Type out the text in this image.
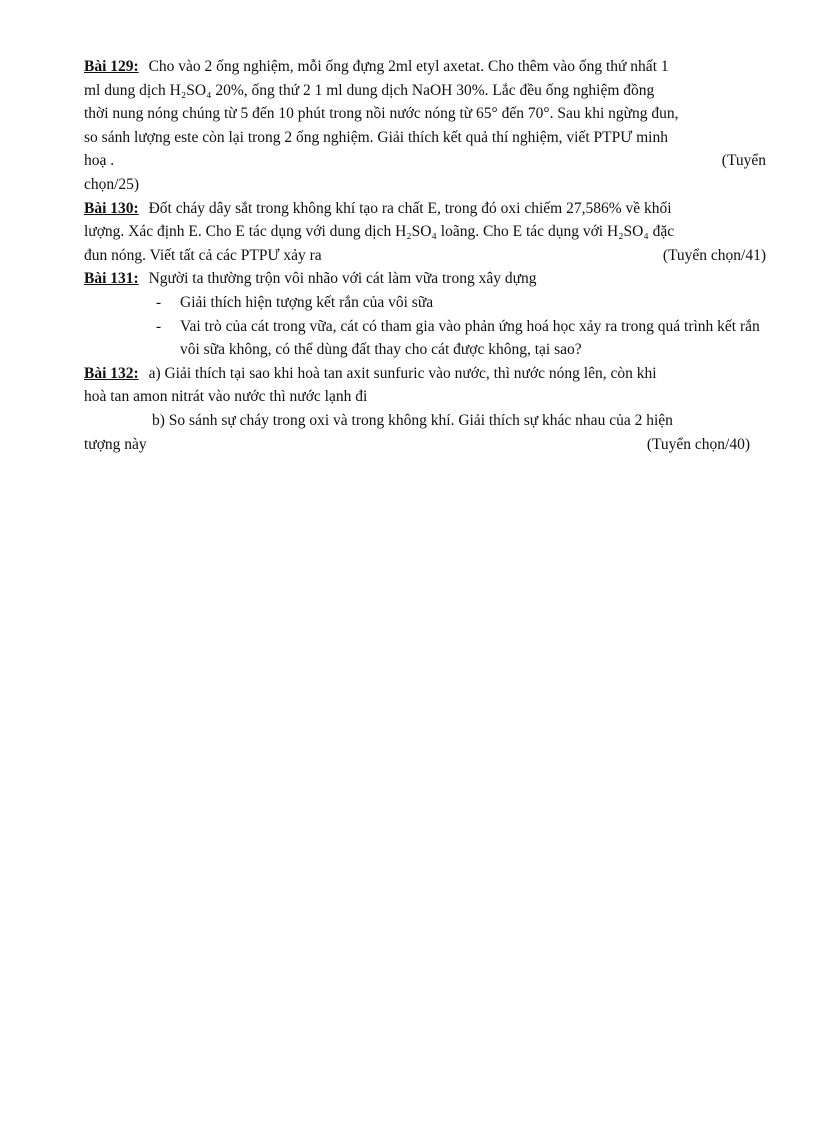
Bài 129: Cho vào 2 ống nghiệm, mỗi ống đựng 2ml etyl axetat. Cho thêm vào ống thứ nhất 1
ml dung dịch H₂SO₄ 20%, ống thứ 2 1 ml dung dịch NaOH 30%. Lắc đều ống nghiệm đồng
thời nung nóng chúng từ 5 đến 10 phút trong nồi nước nóng từ 65° đến 70°. Sau khi ngừng đun,
so sánh lượng este còn lại trong 2 ống nghiệm. Giải thích kết quả thí nghiệm, viết PTPƯ minh
hoạ .	(Tuyển
chọn/25)
Bài 130: Đốt cháy dây sắt trong không khí tạo ra chất E, trong đó oxi chiếm 27,586% về khối
lượng. Xác định E. Cho E tác dụng với dung dịch H₂SO₄ loãng. Cho E tác dụng với H₂SO₄ đặc
đun nóng. Viết tất cả các PTPƯ xảy ra	(Tuyển chọn/41)
Bài 131: Người ta thường trộn vôi nhão với cát làm vữa trong xây dựng
- Giải thích hiện tượng kết rắn của vôi sữa
- Vai trò của cát trong vữa, cát có tham gia vào phản ứng hoá học xảy ra trong quá trình kết rắn vôi sữa không, có thể dùng đất thay cho cát được không, tại sao?
Bài 132: a) Giải thích tại sao khi hoà tan axit sunfuric vào nước, thì nước nóng lên, còn khi
hoà tan amon nitrát vào nước thì nước lạnh đi
b) So sánh sự cháy trong oxi và trong không khí. Giải thích sự khác nhau của 2 hiện
tượng này	(Tuyển chọn/40)
